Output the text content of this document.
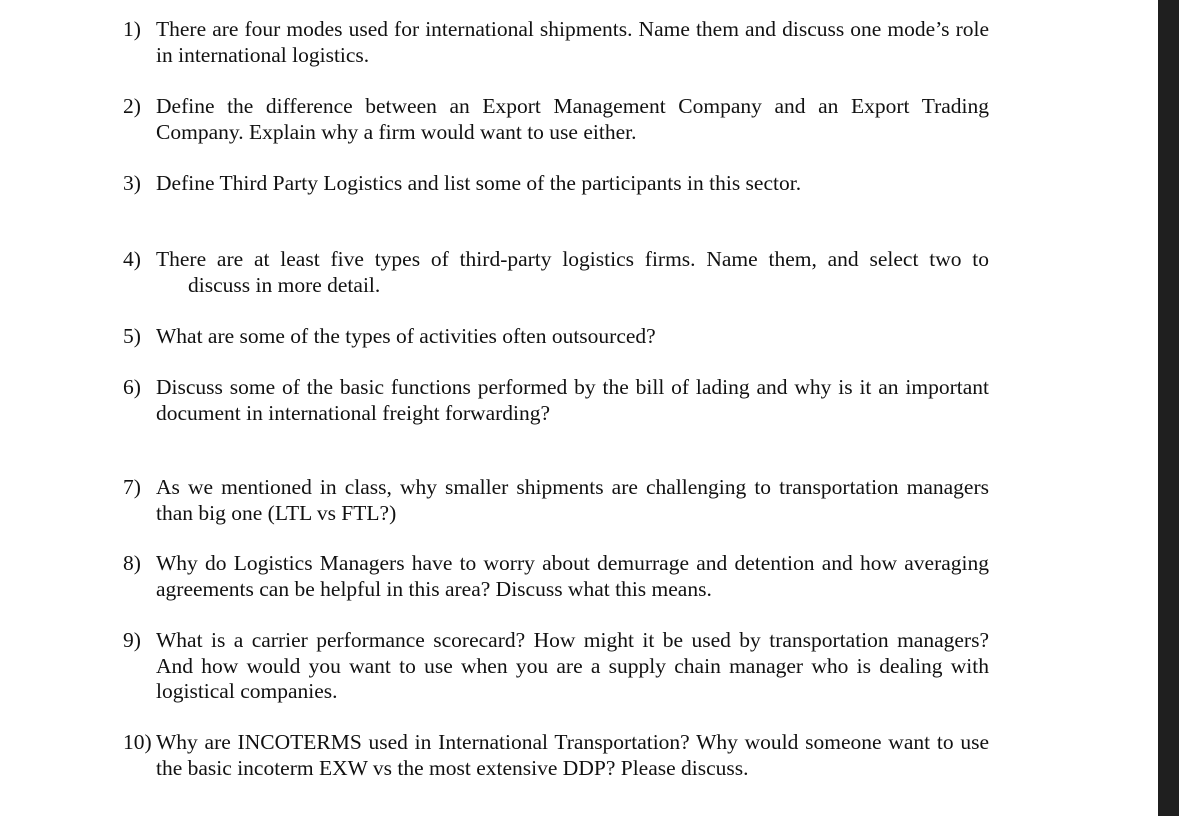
1) There are four modes used for international shipments. Name them and discuss one mode’s role in international logistics.
2) Define the difference between an Export Management Company and an Export Trading Company. Explain why a firm would want to use either.
3) Define Third Party Logistics and list some of the participants in this sector.
4) There are at least five types of third-party logistics firms. Name them, and select two to
discuss in more detail.
5) What are some of the types of activities often outsourced?
6) Discuss some of the basic functions performed by the bill of lading and why is it an important document in international freight forwarding?
7) As we mentioned in class, why smaller shipments are challenging to transportation managers than big one (LTL vs FTL?)
8) Why do Logistics Managers have to worry about demurrage and detention and how averaging agreements can be helpful in this area? Discuss what this means.
9) What is a carrier performance scorecard? How might it be used by transportation managers? And how would you want to use when you are a supply chain manager who is dealing with logistical companies.
10) Why are INCOTERMS used in International Transportation? Why would someone want to use the basic incoterm EXW vs the most extensive DDP? Please discuss.
